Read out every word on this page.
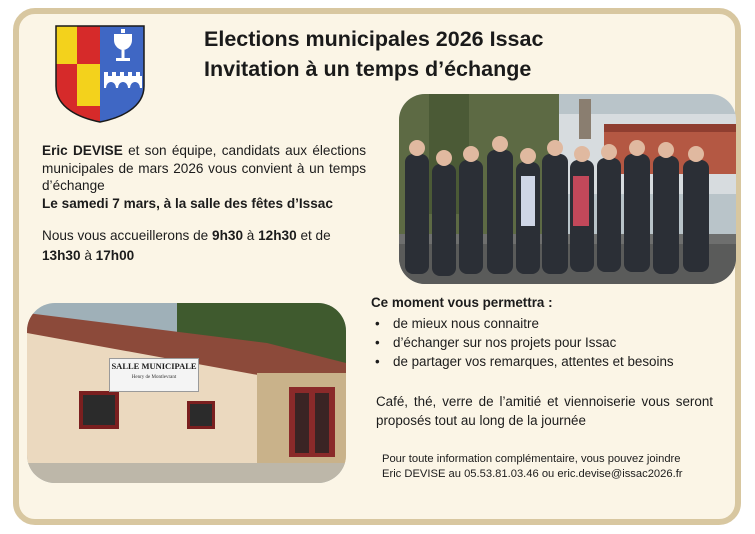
Elections municipales 2026 Issac
Invitation à un temps d’échange
Eric DEVISE et son équipe, candidats aux élections municipales de mars 2026 vous convient à un temps d’échange
Le samedi 7 mars, à la salle des fêtes d’Issac
Nous vous accueillerons de 9h30 à 12h30 et de
13h30 à 17h00
SALLE MUNICIPALE
Henry de Montlevrant
Ce moment vous permettra :
• de mieux nous connaitre
• d’échanger sur nos projets pour Issac
• de partager vos remarques, attentes et besoins
Café, thé, verre de l’amitié et viennoiserie vous seront proposés tout au long de la journée
Pour toute information complémentaire, vous pouvez joindre
Eric DEVISE au 05.53.81.03.46 ou eric.devise@issac2026.fr
